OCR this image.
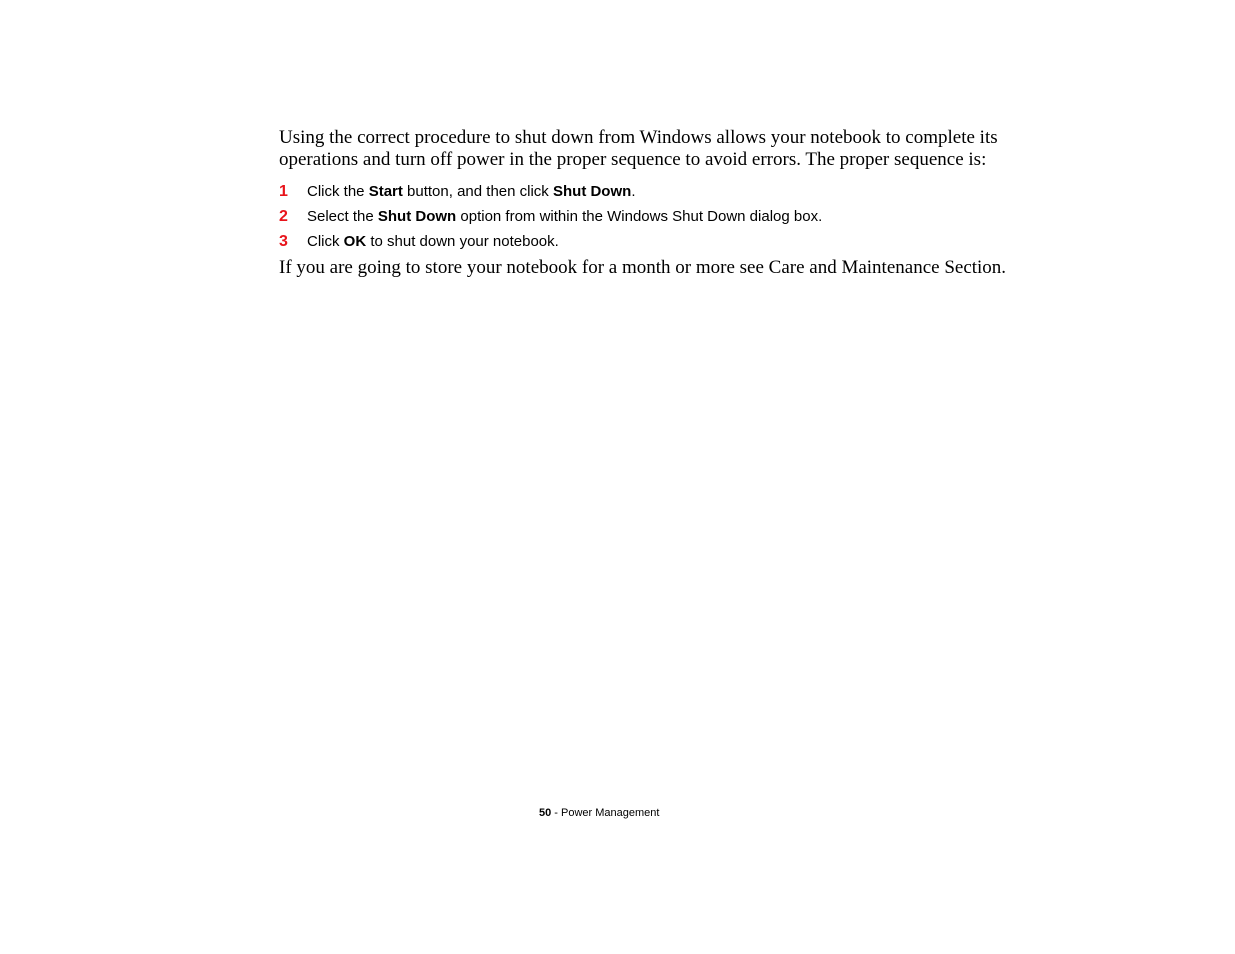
Using the correct procedure to shut down from Windows allows your notebook to complete its operations and turn off power in the proper sequence to avoid errors. The proper sequence is:

1 Click the Start button, and then click Shut Down.
2 Select the Shut Down option from within the Windows Shut Down dialog box.
3 Click OK to shut down your notebook.

If you are going to store your notebook for a month or more see Care and Maintenance Section.

50 - Power Management
